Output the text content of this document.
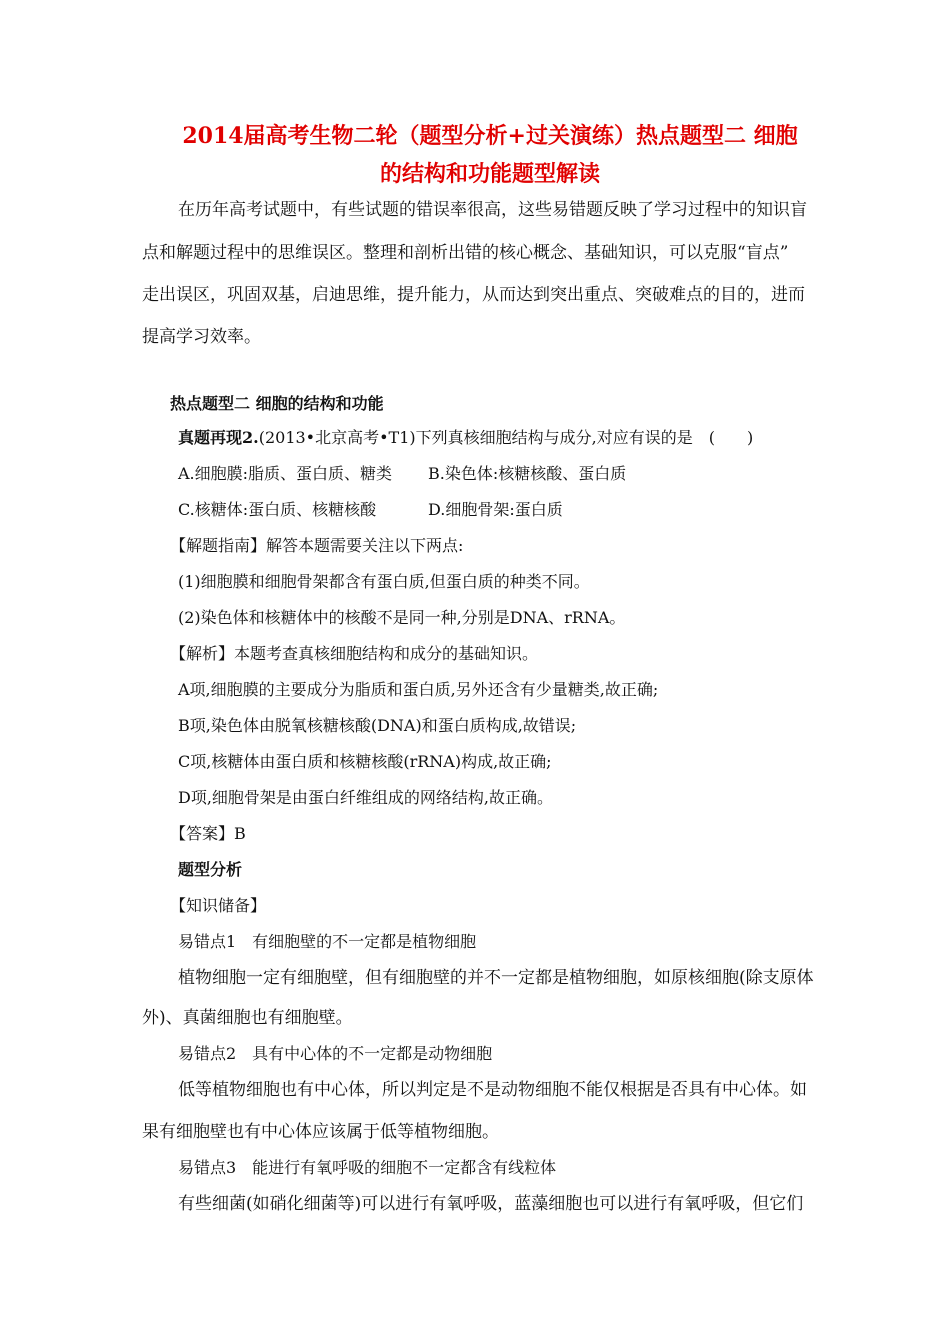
2014届高考生物二轮（题型分析+过关演练）热点题型二 细胞
的结构和功能题型解读
在历年高考试题中，有些试题的错误率很高，这些易错题反映了学习过程中的知识盲
点和解题过程中的思维误区。整理和剖析出错的核心概念、基础知识，可以克服“盲点”
走出误区，巩固双基，启迪思维，提升能力，从而达到突出重点、突破难点的目的，进而
提高学习效率。
热点题型二 细胞的结构和功能
真题再现2.(2013•北京高考•T1)下列真核细胞结构与成分,对应有误的是　(　　)
A.细胞膜:脂质、蛋白质、糖类 B.染色体:核糖核酸、蛋白质
C.核糖体:蛋白质、核糖核酸	D.细胞骨架:蛋白质
【解题指南】解答本题需要关注以下两点:
(1)细胞膜和细胞骨架都含有蛋白质,但蛋白质的种类不同。
(2)染色体和核糖体中的核酸不是同一种,分别是DNA、rRNA。
【解析】本题考查真核细胞结构和成分的基础知识。
A项,细胞膜的主要成分为脂质和蛋白质,另外还含有少量糖类,故正确;
B项,染色体由脱氧核糖核酸(DNA)和蛋白质构成,故错误;
C项,核糖体由蛋白质和核糖核酸(rRNA)构成,故正确;
D项,细胞骨架是由蛋白纤维组成的网络结构,故正确。
【答案】B
题型分析
【知识储备】
易错点1　有细胞壁的不一定都是植物细胞
植物细胞一定有细胞壁，但有细胞壁的并不一定都是植物细胞，如原核细胞(除支原体
外)、真菌细胞也有细胞壁。
易错点2　具有中心体的不一定都是动物细胞
低等植物细胞也有中心体，所以判定是不是动物细胞不能仅根据是否具有中心体。如
果有细胞壁也有中心体应该属于低等植物细胞。
易错点3　能进行有氧呼吸的细胞不一定都含有线粒体
有些细菌(如硝化细菌等)可以进行有氧呼吸，蓝藻细胞也可以进行有氧呼吸，但它们
